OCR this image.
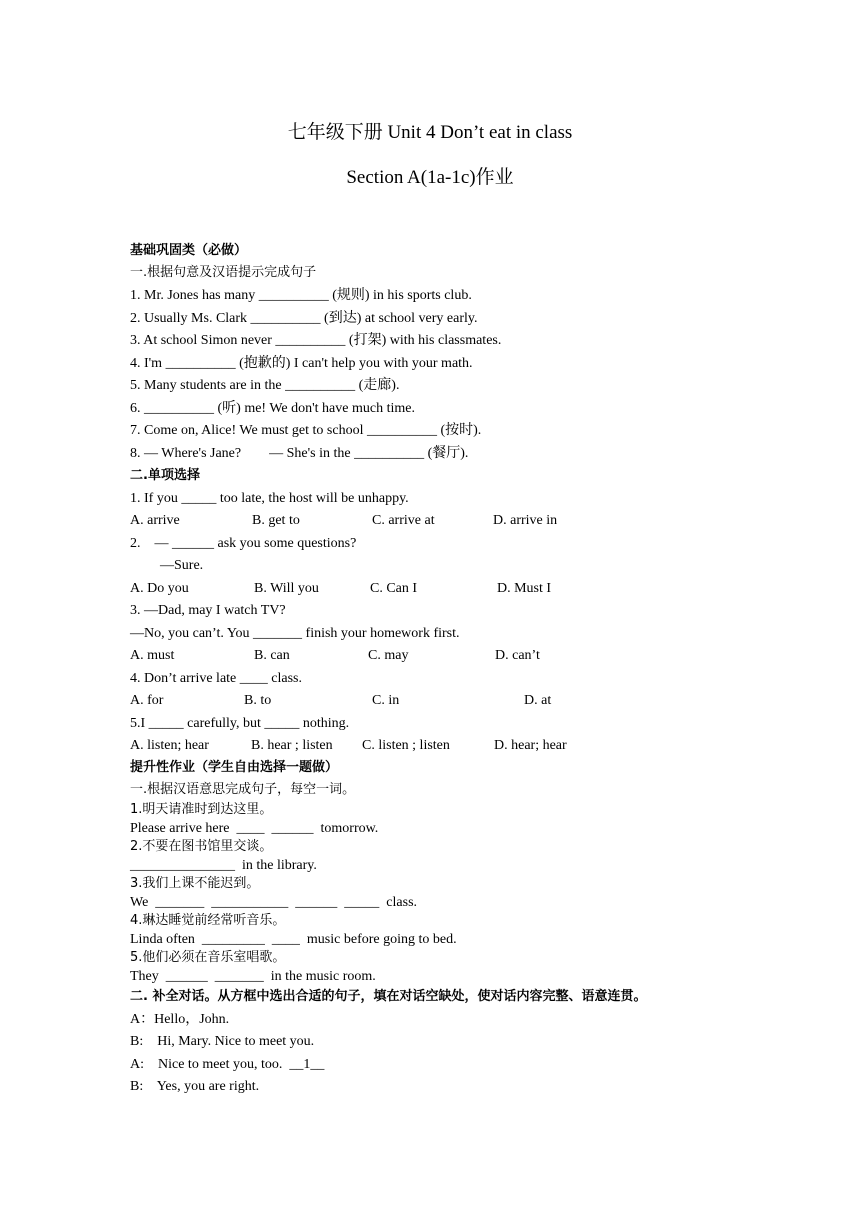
七年级下册 Unit 4 Don’t eat in class
Section A(1a-1c)作业
基础巩固类（必做）
一.根据句意及汉语提示完成句子
1. Mr. Jones has many __________ (规则) in his sports club.
2. Usually Ms. Clark __________ (到达) at school very early.
3. At school Simon never __________ (打架) with his classmates.
4. I'm __________ (抱歉的) I can't help you with your math.
5. Many students are in the __________ (走廊).
6. __________ (听) me! We don't have much time.
7. Come on, Alice! We must get to school __________ (按时).
8. — Where's Jane?        — She's in the __________ (餐厅).
二.单项选择
1. If you _____ too late, the host will be unhappy.
A. arrive	B. get to	C. arrive at	D. arrive in
2.    — ______ ask you some questions?
—Sure.
A. Do you	B. Will you	C. Can I	D. Must I
3. —Dad, may I watch TV?
—No, you can’t. You _______ finish your homework first.
A. must	B. can	C. may	D. can’t
4. Don’t arrive late ____ class.
A. for	B. to	C. in	D. at
5.I _____ carefully, but _____ nothing.
A. listen; hear	B. hear ; listen C. listen ; listen	D. hear; hear
提升性作业（学生自由选择一题做）
一.根据汉语意思完成句子，每空一词。
1.明天请准时到达这里。
Please arrive here  ____  ______  tomorrow.
2.不要在图书馆里交谈。
_______________  in the library.
3.我们上课不能迟到。
We  _______  ___________  ______  _____  class.
4.琳达睡觉前经常听音乐。
Linda often  _________  ____  music before going to bed.
5.他们必须在音乐室唱歌。
They  ______  _______  in the music room.
二. 补全对话。从方框中选出合适的句子，填在对话空缺处，使对话内容完整、语意连贯。
A：Hello，John.
B:    Hi, Mary. Nice to meet you.
A:    Nice to meet you, too.  __1__
B:    Yes, you are right.
